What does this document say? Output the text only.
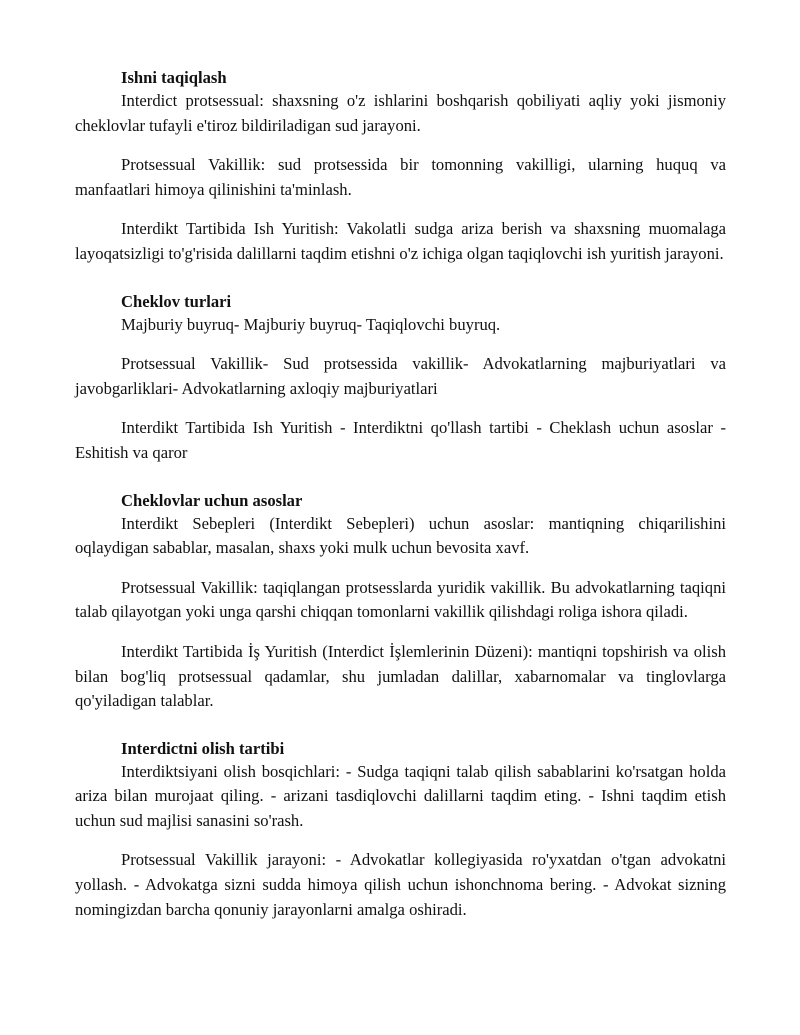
Ishni taqiqlash

Interdict protsessual: shaxsning o'z ishlarini boshqarish qobiliyati aqliy yoki jismoniy cheklovlar tufayli e'tiroz bildiriladigan sud jarayoni.

Protsessual Vakillik: sud protsessida bir tomonning vakilligi, ularning huquq va manfaatlari himoya qilinishini ta'minlash.

Interdikt Tartibida Ish Yuritish: Vakolatli sudga ariza berish va shaxsning muomalaga layoqatsizligi to'g'risida dalillarni taqdim etishni o'z ichiga olgan taqiqlovchi ish yuritish jarayoni.

Cheklov turlari

Majburiy buyruq- Majburiy buyruq- Taqiqlovchi buyruq.

Protsessual Vakillik- Sud protsessida vakillik- Advokatlarning majburiyatlari va javobgarliklari- Advokatlarning axloqiy majburiyatlari

Interdikt Tartibida Ish Yuritish - Interdiktni qo'llash tartibi - Cheklash uchun asoslar - Eshitish va qaror

Cheklovlar uchun asoslar

Interdikt Sebepleri (Interdikt Sebepleri) uchun asoslar: mantiqning chiqarilishini oqlaydigan sabablar, masalan, shaxs yoki mulk uchun bevosita xavf.

Protsessual Vakillik: taqiqlangan protsesslarda yuridik vakillik. Bu advokatlarning taqiqni talab qilayotgan yoki unga qarshi chiqqan tomonlarni vakillik qilishdagi roliga ishora qiladi.

Interdikt Tartibida İş Yuritish (Interdict İşlemlerinin Düzeni): mantiqni topshirish va olish bilan bog'liq protsessual qadamlar, shu jumladan dalillar, xabarnomalar va tinglovlarga qo'yiladigan talablar.

Interdictni olish tartibi

Interdiktsiyani olish bosqichlari: - Sudga taqiqni talab qilish sabablarini ko'rsatgan holda ariza bilan murojaat qiling. - arizani tasdiqlovchi dalillarni taqdim eting. - Ishni taqdim etish uchun sud majlisi sanasini so'rash.

Protsessual Vakillik jarayoni: - Advokatlar kollegiyasida ro'yxatdan o'tgan advokatni yollash. - Advokatga sizni sudda himoya qilish uchun ishonchnoma bering. - Advokat sizning nomingizdan barcha qonuniy jarayonlarni amalga oshiradi.
